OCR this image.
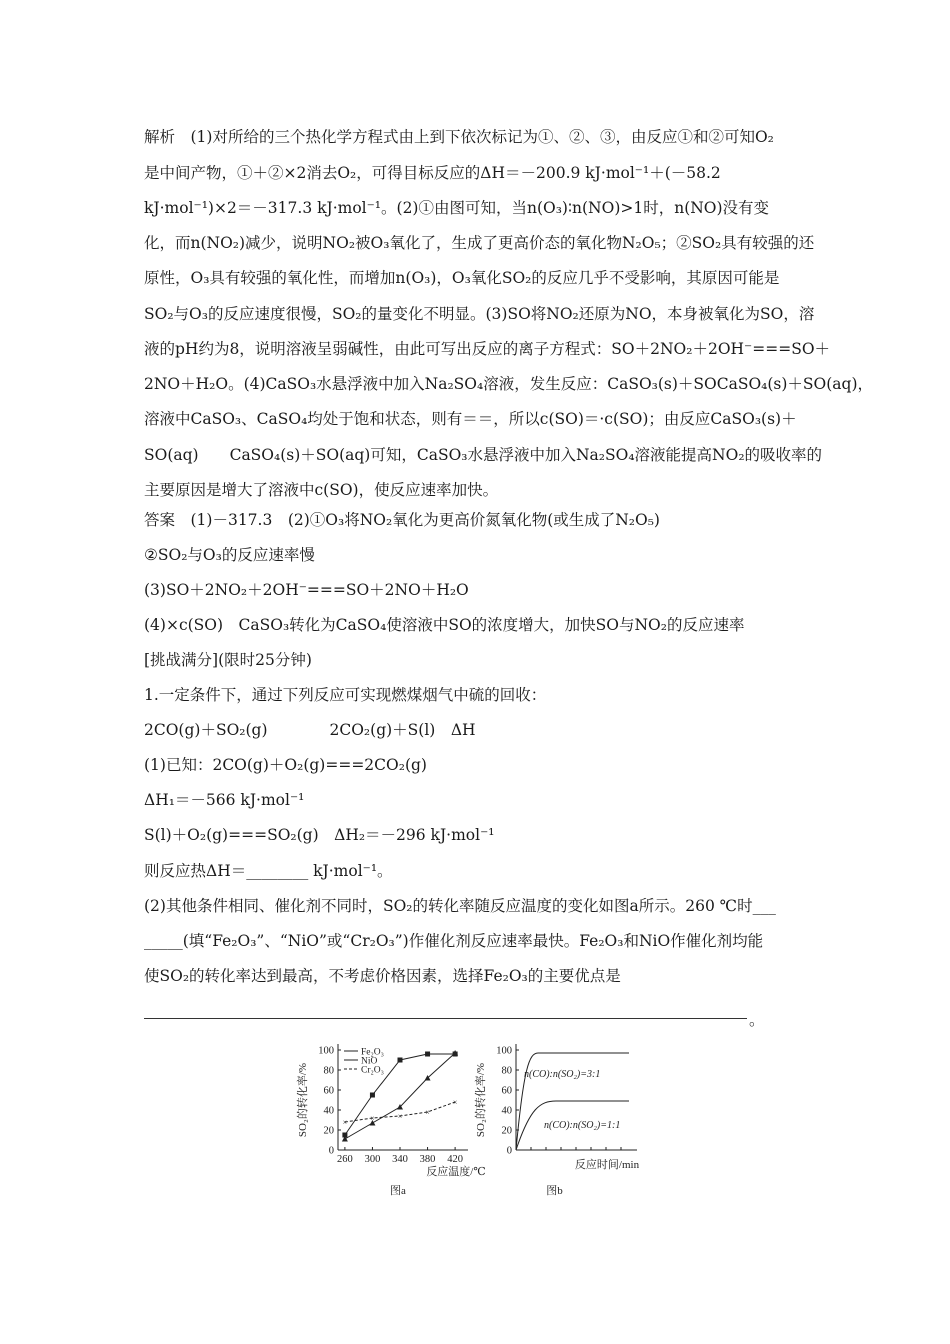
解析　(1)对所给的三个热化学方程式由上到下依次标记为①、②、③，由反应①和②可知O₂
是中间产物，①＋②×2消去O₂，可得目标反应的ΔH＝－200.9 kJ·mol⁻¹＋(－58.2
kJ·mol⁻¹)×2＝－317.3 kJ·mol⁻¹。(2)①由图可知，当n(O₃)∶n(NO)>1时，n(NO)没有变
化，而n(NO₂)减少，说明NO₂被O₃氧化了，生成了更高价态的氧化物N₂O₅；②SO₂具有较强的还
原性，O₃具有较强的氧化性，而增加n(O₃)，O₃氧化SO₂的反应几乎不受影响，其原因可能是
SO₂与O₃的反应速度很慢，SO₂的量变化不明显。(3)SO将NO₂还原为NO，本身被氧化为SO，溶
液的pH约为8，说明溶液呈弱碱性，由此可写出反应的离子方程式：SO＋2NO₂＋2OH⁻===SO＋
2NO＋H₂O。(4)CaSO₃水悬浮液中加入Na₂SO₄溶液，发生反应：CaSO₃(s)＋SOCaSO₄(s)＋SO(aq)，
溶液中CaSO₃、CaSO₄均处于饱和状态，则有＝＝，所以c(SO)＝·c(SO)；由反应CaSO₃(s)＋
SO(aq)　　CaSO₄(s)＋SO(aq)可知，CaSO₃水悬浮液中加入Na₂SO₄溶液能提高NO₂的吸收率的
主要原因是增大了溶液中c(SO)，使反应速率加快。
答案　(1)－317.3　(2)①O₃将NO₂氧化为更高价氮氧化物(或生成了N₂O₅)
②SO₂与O₃的反应速率慢
(3)SO＋2NO₂＋2OH⁻===SO＋2NO＋H₂O
(4)×c(SO)　CaSO₃转化为CaSO₄使溶液中SO的浓度增大，加快SO与NO₂的反应速率
[挑战满分](限时25分钟)
1.一定条件下，通过下列反应可实现燃煤烟气中硫的回收：
2CO(g)＋SO₂(g)　　　　2CO₂(g)＋S(l)　ΔH
(1)已知：2CO(g)＋O₂(g)===2CO₂(g)
ΔH₁＝－566 kJ·mol⁻¹
S(l)＋O₂(g)===SO₂(g)　ΔH₂＝－296 kJ·mol⁻¹
则反应热ΔH＝________ kJ·mol⁻¹。
(2)其他条件相同、催化剂不同时，SO₂的转化率随反应温度的变化如图a所示。260 ℃时___
_____(填“Fe₂O₃”、“NiO”或“Cr₂O₃”)作催化剂反应速率最快。Fe₂O₃和NiO作催化剂均能
使SO₂的转化率达到最高，不考虑价格因素，选择Fe₂O₃的主要优点是
。
0
20
40
60
80
100
260 300 340 380 420
反应温度/℃
SO₂的转化率/%
图a
Fe₂O₃
NiO
×	×	×	×
×
Cr₂O₃
0
20
40
60
80
100
反应时间/min
SO₂的转化率/%
图b
n(CO):n(SO₂)=3:1
n(CO):n(SO₂)=1:1
